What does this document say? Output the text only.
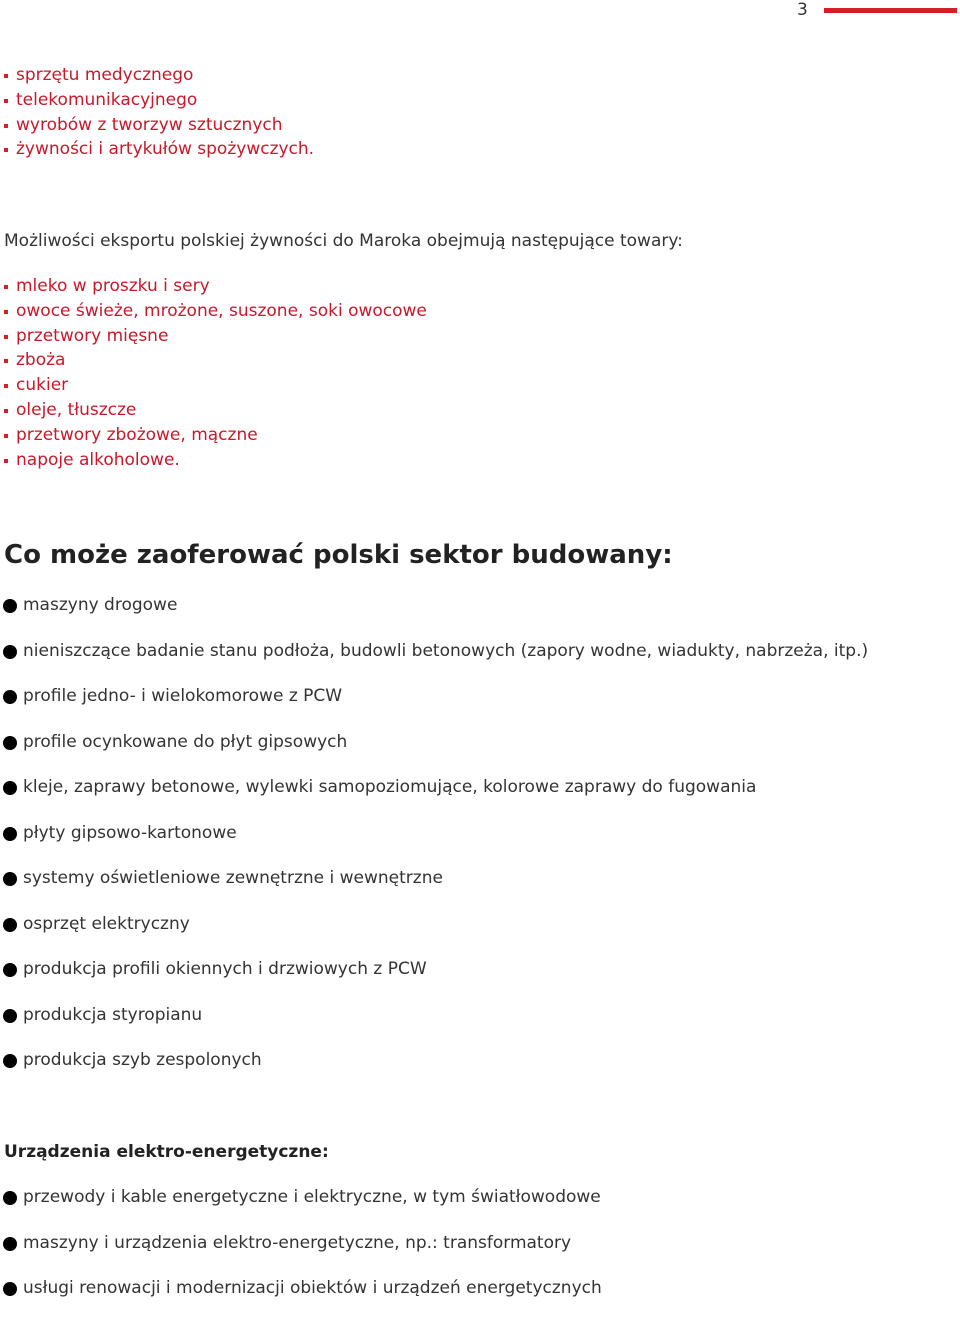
3
sprzętu medycznego
telekomunikacyjnego
wyrobów z tworzyw sztucznych
żywności i artykułów spożywczych.

Możliwości eksportu polskiej żywności do Maroka obejmują następujące towary:

mleko w proszku i sery
owoce świeże, mrożone, suszone, soki owocowe
przetwory mięsne
zboża
cukier
oleje, tłuszcze
przetwory zbożowe, mączne
napoje alkoholowe.
Co może zaoferować polski sektor budowany:
maszyny drogowe
nieniszczące badanie stanu podłoża, budowli betonowych (zapory wodne, wiadukty, nabrzeża, itp.)
profile jedno- i wielokomorowe z PCW
profile ocynkowane do płyt gipsowych
kleje, zaprawy betonowe, wylewki samopoziomujące, kolorowe zaprawy do fugowania
płyty gipsowo-kartonowe
systemy oświetleniowe zewnętrzne i wewnętrzne
osprzęt elektryczny
produkcja profili okiennych i drzwiowych z PCW
produkcja styropianu
produkcja szyb zespolonych
Urządzenia elektro-energetyczne:
przewody i kable energetyczne i elektryczne, w tym światłowodowe
maszyny i urządzenia elektro-energetyczne, np.: transformatory
usługi renowacji i modernizacji obiektów i urządzeń energetycznych
